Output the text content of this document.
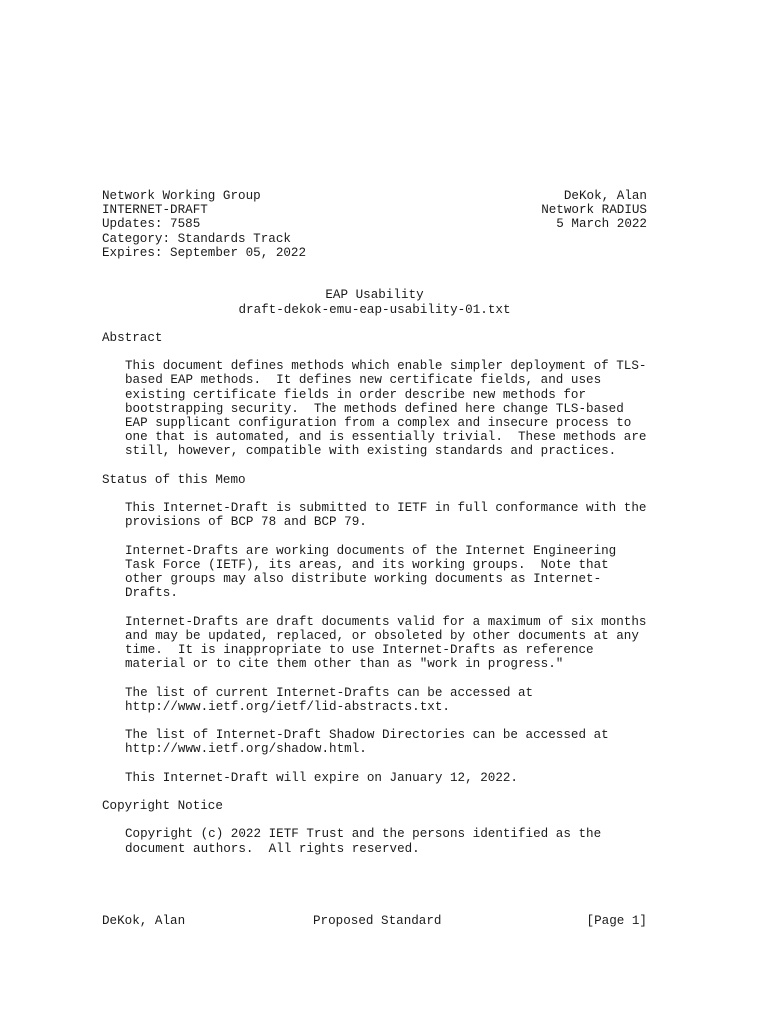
Network Working Group	DeKok, Alan
INTERNET-DRAFT	Network RADIUS
Updates: 7585	5 March 2022
Category: Standards Track
Expires: September 05, 2022
EAP Usability
draft-dekok-emu-eap-usability-01.txt
Abstract
This document defines methods which enable simpler deployment of TLS-
based EAP methods.  It defines new certificate fields, and uses
existing certificate fields in order describe new methods for
bootstrapping security.  The methods defined here change TLS-based
EAP supplicant configuration from a complex and insecure process to
one that is automated, and is essentially trivial.  These methods are
still, however, compatible with existing standards and practices.
Status of this Memo
This Internet-Draft is submitted to IETF in full conformance with the
provisions of BCP 78 and BCP 79.
Internet-Drafts are working documents of the Internet Engineering
Task Force (IETF), its areas, and its working groups.  Note that
other groups may also distribute working documents as Internet-
Drafts.
Internet-Drafts are draft documents valid for a maximum of six months
and may be updated, replaced, or obsoleted by other documents at any
time.  It is inappropriate to use Internet-Drafts as reference
material or to cite them other than as "work in progress."
The list of current Internet-Drafts can be accessed at
http://www.ietf.org/ietf/lid-abstracts.txt.
The list of Internet-Draft Shadow Directories can be accessed at
http://www.ietf.org/shadow.html.
This Internet-Draft will expire on January 12, 2022.
Copyright Notice
Copyright (c) 2022 IETF Trust and the persons identified as the
document authors.  All rights reserved.
DeKok, Alan	Proposed Standard	[Page 1]
